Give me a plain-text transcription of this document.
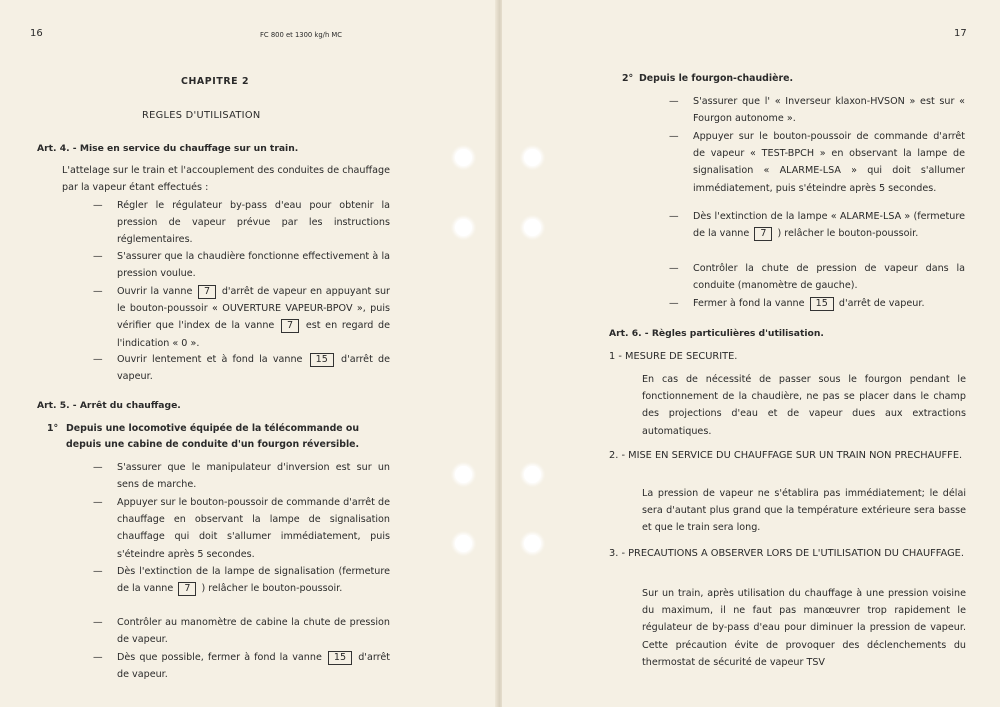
16	FC 800 et 1300 kg/h MC

CHAPITRE 2

REGLES D'UTILISATION

Art. 4. - Mise en service du chauffage sur un train.

L'attelage sur le train et l'accouplement des conduites de chauffage par la vapeur étant effectués :

— Régler le régulateur by-pass d'eau pour obtenir la pression de vapeur prévue par les instructions réglementaires.

— S'assurer que la chaudière fonctionne effectivement à la pression voulue.

— Ouvrir la vanne 7 d'arrêt de vapeur en appuyant sur le bouton-poussoir « OUVERTURE VAPEUR-BPOV », puis vérifier que l'index de la vanne 7 est en regard de l'indication « 0 ».

— Ouvrir lentement et à fond la vanne 15 d'arrêt de vapeur.

Art. 5. - Arrêt du chauffage.

1° Depuis une locomotive équipée de la télécommande ou depuis une cabine de conduite d'un fourgon réversible.

— S'assurer que le manipulateur d'inversion est sur un sens de marche.

— Appuyer sur le bouton-poussoir de commande d'arrêt de chauffage en observant la lampe de signalisation chauffage qui doit s'allumer immédiatement, puis s'éteindre après 5 secondes.

— Dès l'extinction de la lampe de signalisation (fermeture de la vanne 7 ) relâcher le bouton-poussoir.

— Contrôler au manomètre de cabine la chute de pression de vapeur.

— Dès que possible, fermer à fond la vanne 15 d'arrêt de vapeur.

17

2° Depuis le fourgon-chaudière.

— S'assurer que l' « Inverseur klaxon-HVSON » est sur « Fourgon autonome ».

— Appuyer sur le bouton-poussoir de commande d'arrêt de vapeur « TEST-BPCH » en observant la lampe de signalisation « ALARME-LSA » qui doit s'allumer immédiatement, puis s'éteindre après 5 secondes.

— Dès l'extinction de la lampe « ALARME-LSA » (fermeture de la vanne 7 ) relâcher le bouton-poussoir.

— Contrôler la chute de pression de vapeur dans la conduite (manomètre de gauche).

— Fermer à fond la vanne 15 d'arrêt de vapeur.

Art. 6. - Règles particulières d'utilisation.

1 - MESURE DE SECURITE.

En cas de nécessité de passer sous le fourgon pendant le fonctionnement de la chaudière, ne pas se placer dans le champ des projections d'eau et de vapeur dues aux extractions automatiques.

2. - MISE EN SERVICE DU CHAUFFAGE SUR UN TRAIN NON PRECHAUFFE.

La pression de vapeur ne s'établira pas immédiatement; le délai sera d'autant plus grand que la température extérieure sera basse et que le train sera long.

3. - PRECAUTIONS A OBSERVER LORS DE L'UTILISATION DU CHAUFFAGE.

Sur un train, après utilisation du chauffage à une pression voisine du maximum, il ne faut pas manœuvrer trop rapidement le régulateur de by-pass d'eau pour diminuer la pression de vapeur. Cette précaution évite de provoquer des déclenchements du thermostat de sécurité de vapeur TSV
